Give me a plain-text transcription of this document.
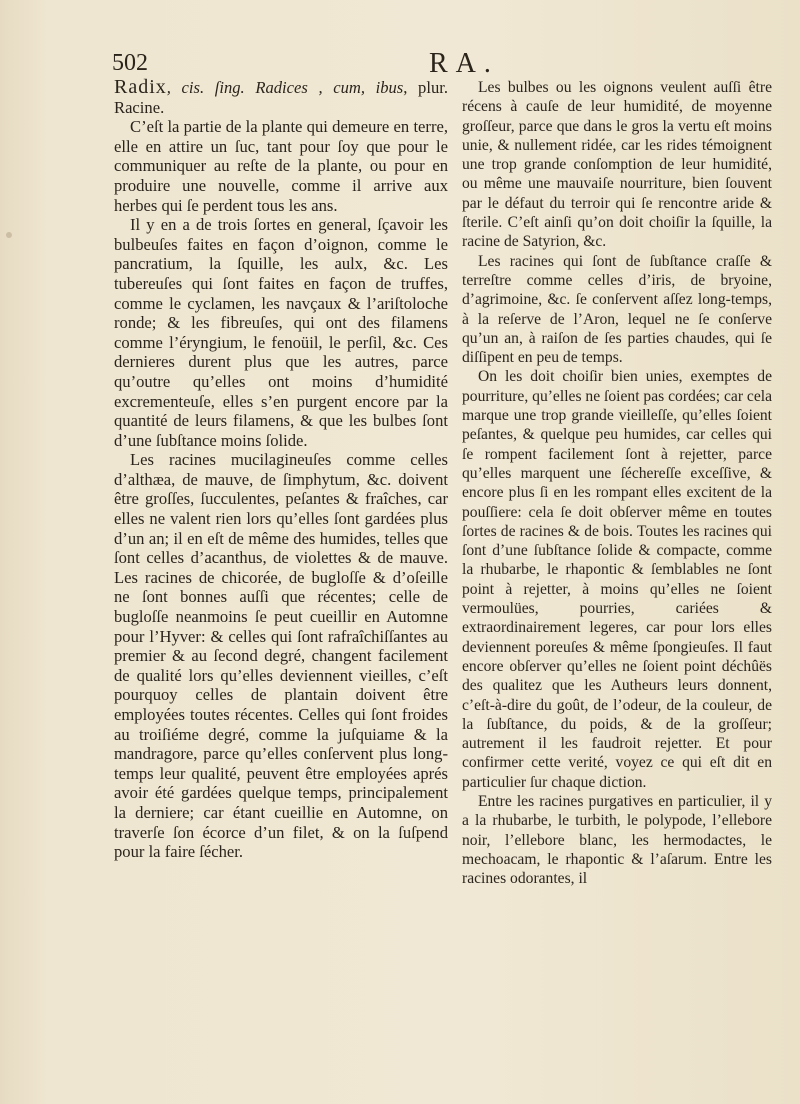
502	RA.

Radix, cis. ſing. Radices , cum, ibus, plur. Racine.

C’eſt la partie de la plante qui demeure en terre, elle en attire un ſuc, tant pour ſoy que pour le communiquer au reſte de la plante, ou pour en produire une nouvelle, comme il arrive aux herbes qui ſe perdent tous les ans.

Il y en a de trois ſortes en general, ſçavoir les bulbeuſes faites en façon d’oignon, comme le pancratium, la ſquille, les aulx, &c. Les tubereuſes qui ſont faites en façon de truffes, comme le cyclamen, les navçaux & l’ariſtoloche ronde; & les fibreuſes, qui ont des filamens comme l’éryngium, le fenoüil, le perſil, &c. Ces dernieres durent plus que les autres, parce qu’outre qu’elles ont moins d’humidité excrementeuſe, elles s’en purgent encore par la quantité de leurs filamens, & que les bulbes ſont d’une ſubſtance moins ſolide.

Les racines mucilagineuſes comme celles d’althæa, de mauve, de ſimphytum, &c. doivent être groſſes, ſucculentes, peſantes & fraîches, car elles ne valent rien lors qu’elles ſont gardées plus d’un an; il en eſt de même des humides, telles que ſont celles d’acanthus, de violettes & de mauve. Les racines de chicorée, de bugloſſe & d’oſeille ne ſont bonnes auſſi que récentes; celle de bugloſſe neanmoins ſe peut cueillir en Automne pour l’Hyver: & celles qui ſont rafraîchiſſantes au premier & au ſecond degré, changent facilement de qualité lors qu’elles deviennent vieilles, c’eſt pourquoy celles de plantain doivent être employées toutes récentes. Celles qui ſont froides au troiſiéme degré, comme la juſquiame & la mandragore, parce qu’elles conſervent plus long-temps leur qualité, peuvent être employées aprés avoir été gardées quelque temps, principalement la derniere; car étant cueillie en Automne, on traverſe ſon écorce d’un filet, & on la ſuſpend pour la faire ſécher.

Les bulbes ou les oignons veulent auſſi être récens à cauſe de leur humidité, de moyenne groſſeur, parce que dans le gros la vertu eſt moins unie, & nullement ridée, car les rides témoignent une trop grande conſomption de leur humidité, ou même une mauvaiſe nourriture, bien ſouvent par le défaut du terroir qui ſe rencontre aride & ſterile. C’eſt ainſi qu’on doit choiſir la ſquille, la racine de Satyrion, &c.

Les racines qui ſont de ſubſtance craſſe & terreſtre comme celles d’iris, de bryoine, d’agrimoine, &c. ſe conſervent aſſez long-temps, à la reſerve de l’Aron, lequel ne ſe conſerve qu’un an, à raiſon de ſes parties chaudes, qui ſe diſſipent en peu de temps.

On les doit choiſir bien unies, exemptes de pourriture, qu’elles ne ſoient pas cordées; car cela marque une trop grande vieilleſſe, qu’elles ſoient peſantes, & quelque peu humides, car celles qui ſe rompent facilement ſont à rejetter, parce qu’elles marquent une ſéchereſſe exceſſive, & encore plus ſi en les rompant elles excitent de la pouſſiere: cela ſe doit obſerver même en toutes ſortes de racines & de bois. Toutes les racines qui ſont d’une ſubſtance ſolide & compacte, comme la rhubarbe, le rhapontic & ſemblables ne ſont point à rejetter, à moins qu’elles ne ſoient vermoulües, pourries, cariées & extraordinairement legeres, car pour lors elles deviennent poreuſes & même ſpongieuſes. Il faut encore obſerver qu’elles ne ſoient point déchûës des qualitez que les Autheurs leurs donnent, c’eſt-à-dire du goût, de l’odeur, de la couleur, de la ſubſtance, du poids, & de la groſſeur; autrement il les faudroit rejetter. Et pour confirmer cette verité, voyez ce qui eſt dit en particulier ſur chaque diction.

Entre les racines purgatives en particulier, il y a la rhubarbe, le turbith, le polypode, l’ellebore noir, l’ellebore blanc, les hermodactes, le mechoacam, le rhapontic & l’aſarum. Entre les racines odorantes, il
